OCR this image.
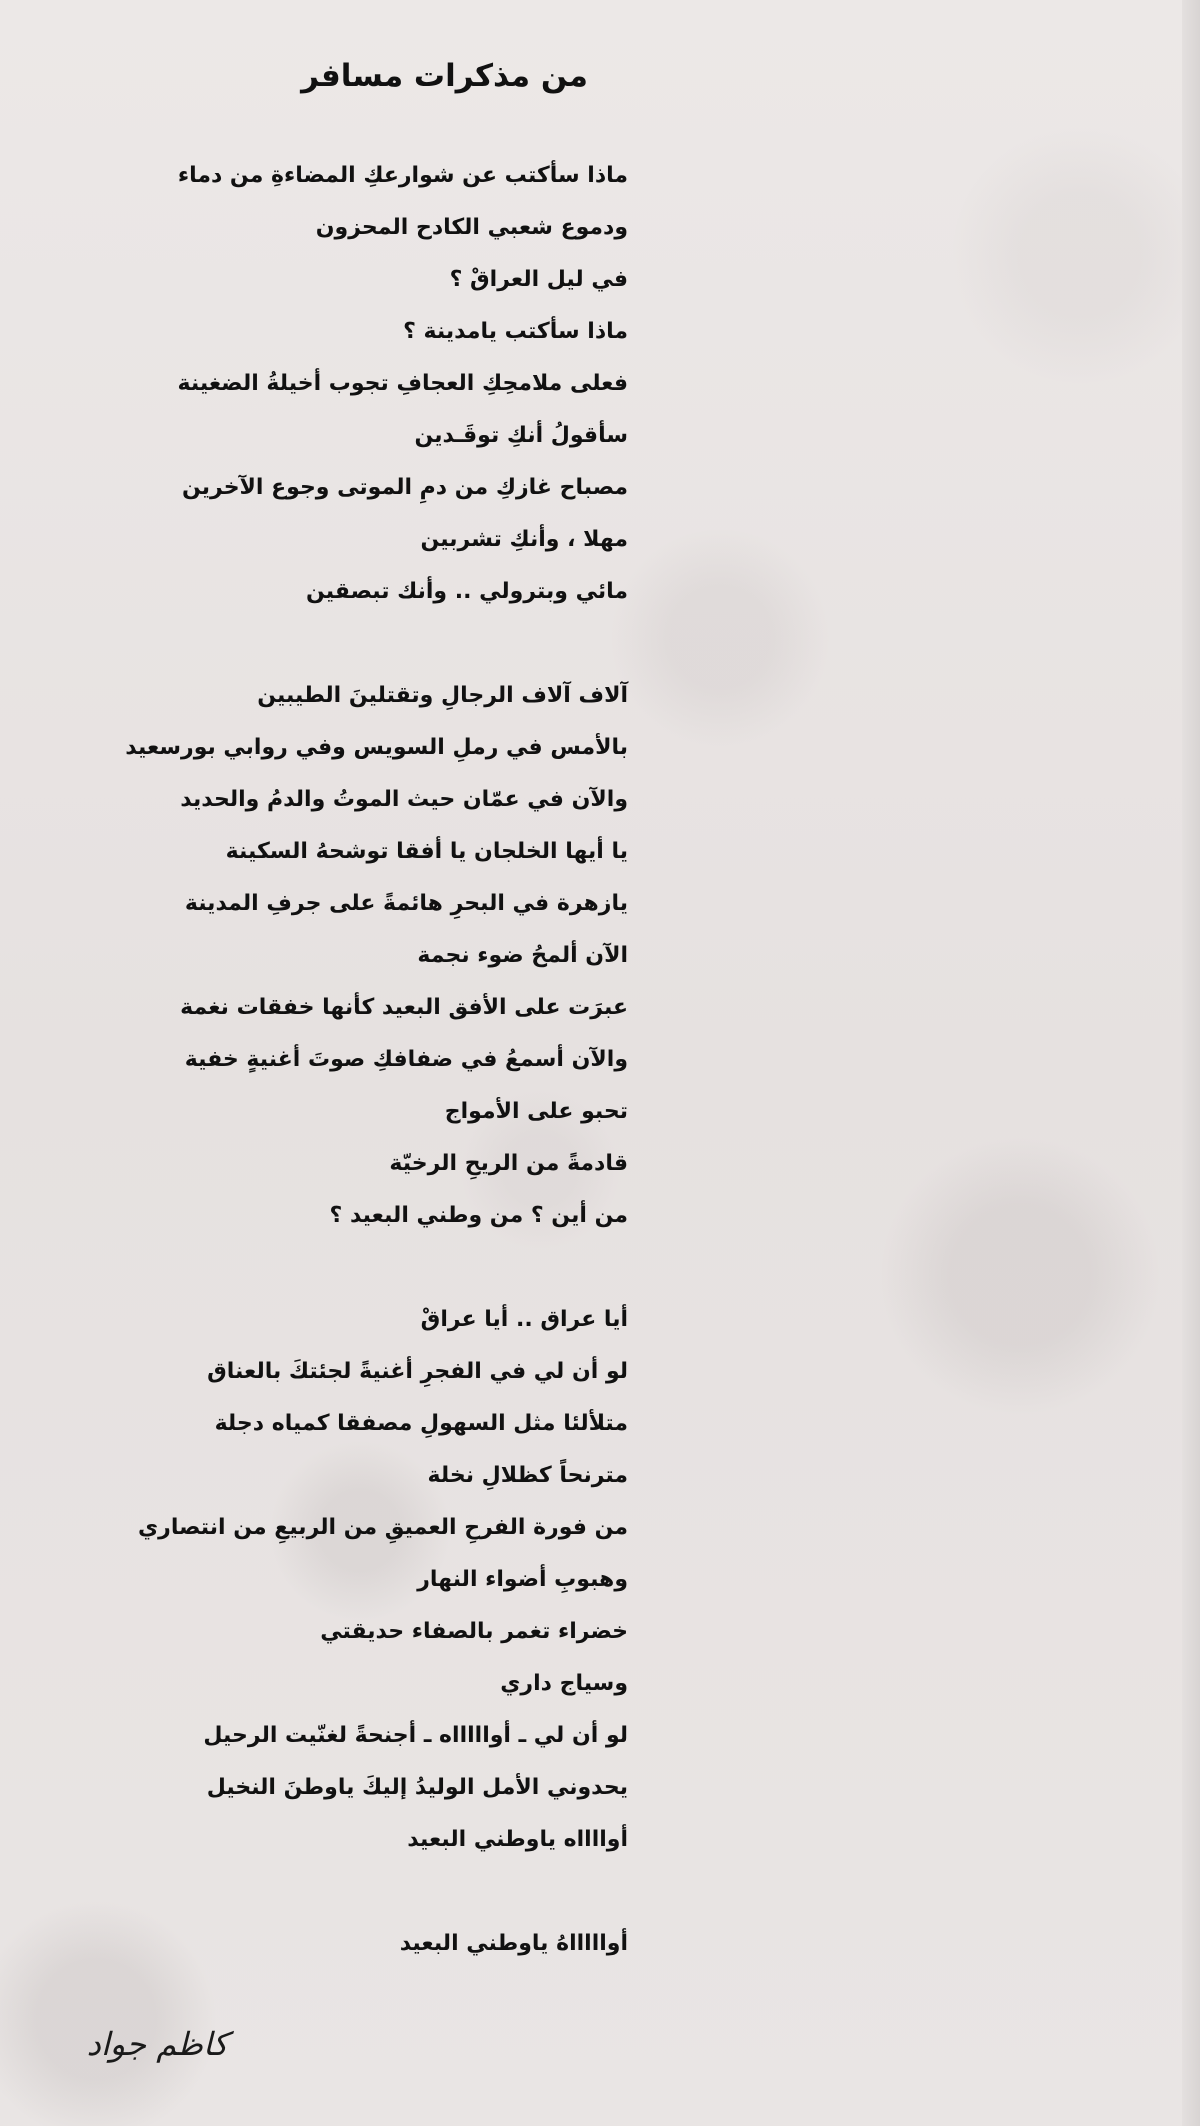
من مذكرات مسافر
ماذا سأكتب عن شوارعكِ المضاءةِ من دماء
ودموع شعبي الكادح المحزون
في ليل العراقْ ؟
ماذا سأكتب يامدينة ؟
فعلى ملامحِكِ العجافِ تجوب أخيلةُ الضغينة
سأقولُ أنكِ توقَـدين
مصباح غازكِ من دمِ الموتى وجوع الآخرين
مهلا ، وأنكِ تشربين
مائي وبترولي .. وأنك تبصقين
آلاف آلاف الرجالِ وتقتلينَ الطيبين
بالأمس في رملِ السويس وفي روابي بورسعيد
والآن في عمّان حيث الموتُ والدمُ والحديد
يا أيها الخلجان يا أفقا توشحهُ السكينة
يازهرة في البحرِ هائمةً على جرفِ المدينة
الآن ألمحُ ضوء نجمة
عبرَت على الأفق البعيد كأنها خفقات نغمة
والآن أسمعُ في ضفافكِ صوتَ أغنيةٍ خفية
تحبو على الأمواج
قادمةً من الريحِ الرخيّة
من أين ؟ من وطني البعيد ؟
أيا عراق .. أيا عراقْ
لو أن لي في الفجرِ أغنيةً لجئتكَ بالعناق
متلألئا مثل السهولِ مصفقا كمياه دجلة
مترنحاً كظلالِ نخلة
من فورة الفرحِ العميقِ من الربيعِ من انتصاري
وهبوبِ أضواء النهار
خضراء تغمر بالصفاء حديقتي
وسياج داري
لو أن لي ـ أواااااه ـ أجنحةً لغنّيت الرحيل
يحدوني الأمل الوليدُ إليكَ ياوطنَ النخيل
أوااااه ياوطني البعيد
أواااااهُ ياوطني البعيد
كاظم جواد
